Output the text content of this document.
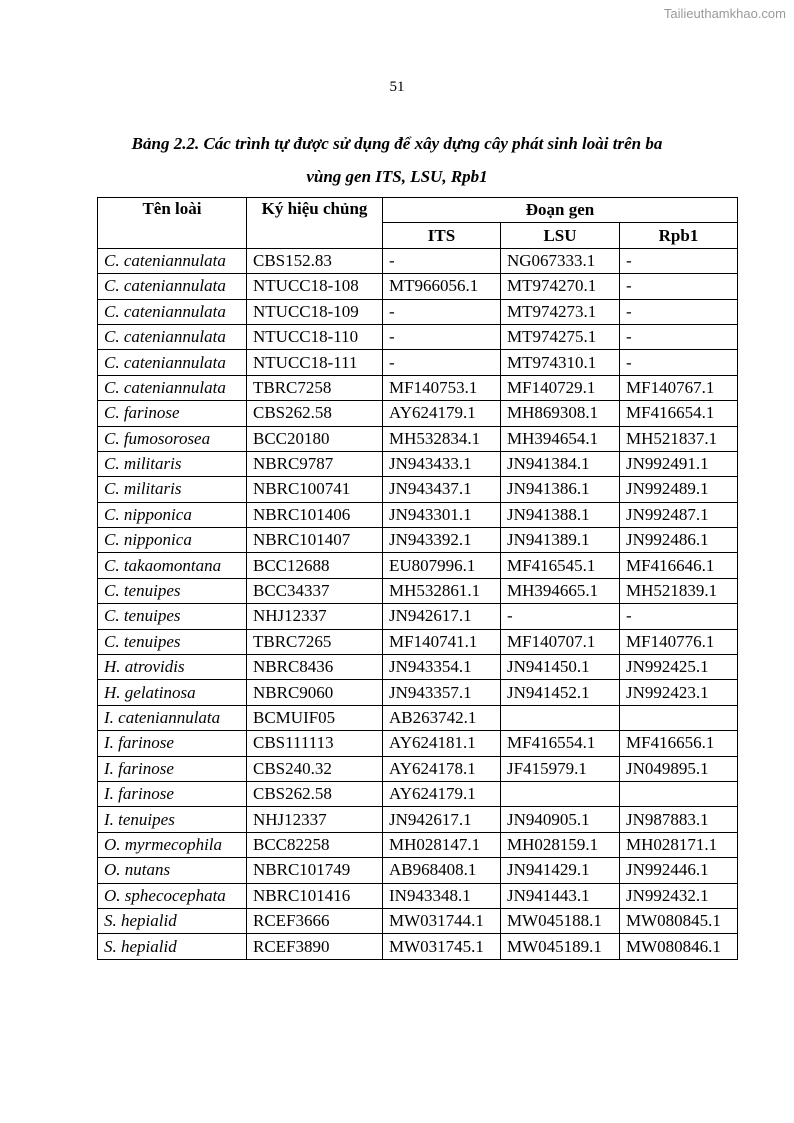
Tailieuthamkhao.com
51
Bảng 2.2. Các trình tự được sử dụng để xây dựng cây phát sinh loài trên ba
vùng gen ITS, LSU, Rpb1
Tên loài	Ký hiệu chủng	Đoạn gen		
		ITS	LSU	Rpb1
C. cateniannulata	CBS152.83	-	NG067333.1	-
C. cateniannulata	NTUCC18-108	MT966056.1	MT974270.1	-
C. cateniannulata	NTUCC18-109	-	MT974273.1	-
C. cateniannulata	NTUCC18-110	-	MT974275.1	-
C. cateniannulata	NTUCC18-111	-	MT974310.1	-
C. cateniannulata	TBRC7258	MF140753.1	MF140729.1	MF140767.1
C. farinose	CBS262.58	AY624179.1	MH869308.1	MF416654.1
C. fumosorosea	BCC20180	MH532834.1	MH394654.1	MH521837.1
C. militaris	NBRC9787	JN943433.1	JN941384.1	JN992491.1
C. militaris	NBRC100741	JN943437.1	JN941386.1	JN992489.1
C. nipponica	NBRC101406	JN943301.1	JN941388.1	JN992487.1
C. nipponica	NBRC101407	JN943392.1	JN941389.1	JN992486.1
C. takaomontana	BCC12688	EU807996.1	MF416545.1	MF416646.1
C. tenuipes	BCC34337	MH532861.1	MH394665.1	MH521839.1
C. tenuipes	NHJ12337	JN942617.1	-	-
C. tenuipes	TBRC7265	MF140741.1	MF140707.1	MF140776.1
H. atrovidis	NBRC8436	JN943354.1	JN941450.1	JN992425.1
H. gelatinosa	NBRC9060	JN943357.1	JN941452.1	JN992423.1
I. cateniannulata	BCMUIF05	AB263742.1		
I. farinose	CBS111113	AY624181.1	MF416554.1	MF416656.1
I. farinose	CBS240.32	AY624178.1	JF415979.1	JN049895.1
I. farinose	CBS262.58	AY624179.1		
I. tenuipes	NHJ12337	JN942617.1	JN940905.1	JN987883.1
O. myrmecophila	BCC82258	MH028147.1	MH028159.1	MH028171.1
O. nutans	NBRC101749	AB968408.1	JN941429.1	JN992446.1
O. sphecocephata	NBRC101416	IN943348.1	JN941443.1	JN992432.1
S. hepialid	RCEF3666	MW031744.1	MW045188.1	MW080845.1
S. hepialid	RCEF3890	MW031745.1	MW045189.1	MW080846.1
